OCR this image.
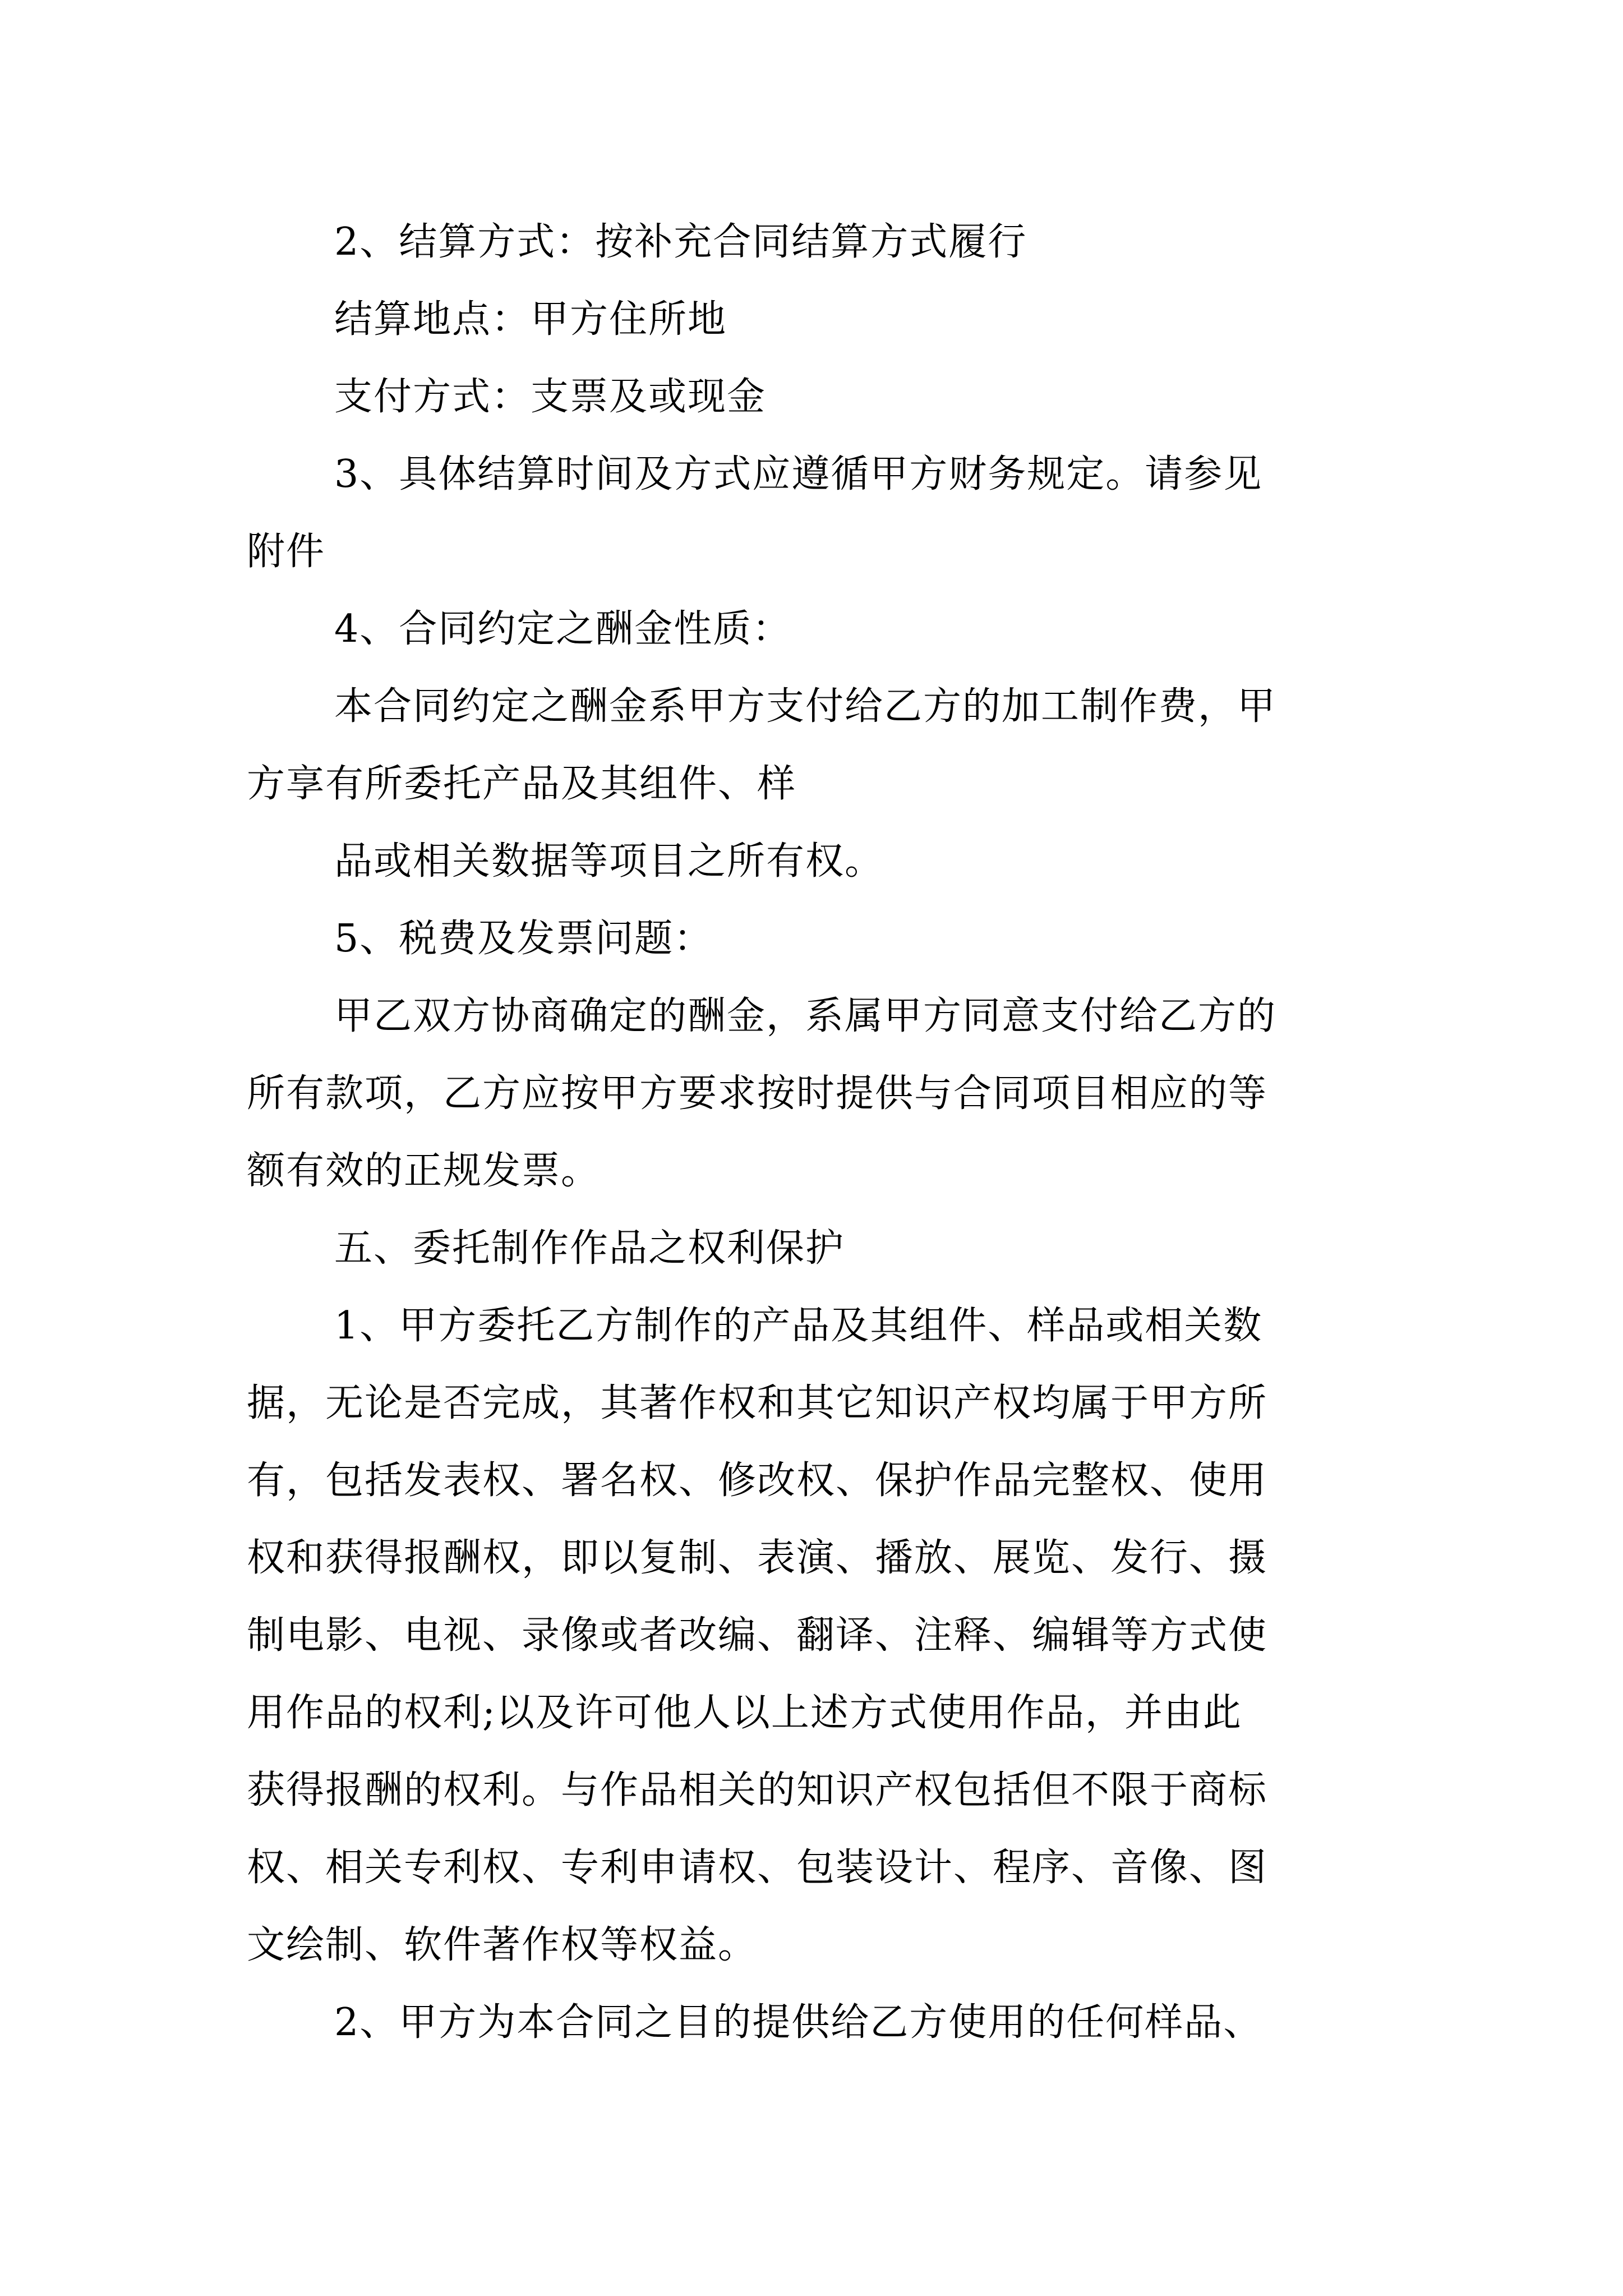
2、结算方式：按补充合同结算方式履行
结算地点：甲方住所地
支付方式：支票及或现金
3、具体结算时间及方式应遵循甲方财务规定。请参见
附件
4、合同约定之酬金性质：
本合同约定之酬金系甲方支付给乙方的加工制作费，甲
方享有所委托产品及其组件、样
品或相关数据等项目之所有权。
5、税费及发票问题：
甲乙双方协商确定的酬金，系属甲方同意支付给乙方的
所有款项，乙方应按甲方要求按时提供与合同项目相应的等
额有效的正规发票。
五、委托制作作品之权利保护
1、甲方委托乙方制作的产品及其组件、样品或相关数
据，无论是否完成，其著作权和其它知识产权均属于甲方所
有，包括发表权、署名权、修改权、保护作品完整权、使用
权和获得报酬权，即以复制、表演、播放、展览、发行、摄
制电影、电视、录像或者改编、翻译、注释、编辑等方式使
用作品的权利;以及许可他人以上述方式使用作品，并由此
获得报酬的权利。与作品相关的知识产权包括但不限于商标
权、相关专利权、专利申请权、包装设计、程序、音像、图
文绘制、软件著作权等权益。
2、甲方为本合同之目的提供给乙方使用的任何样品、
